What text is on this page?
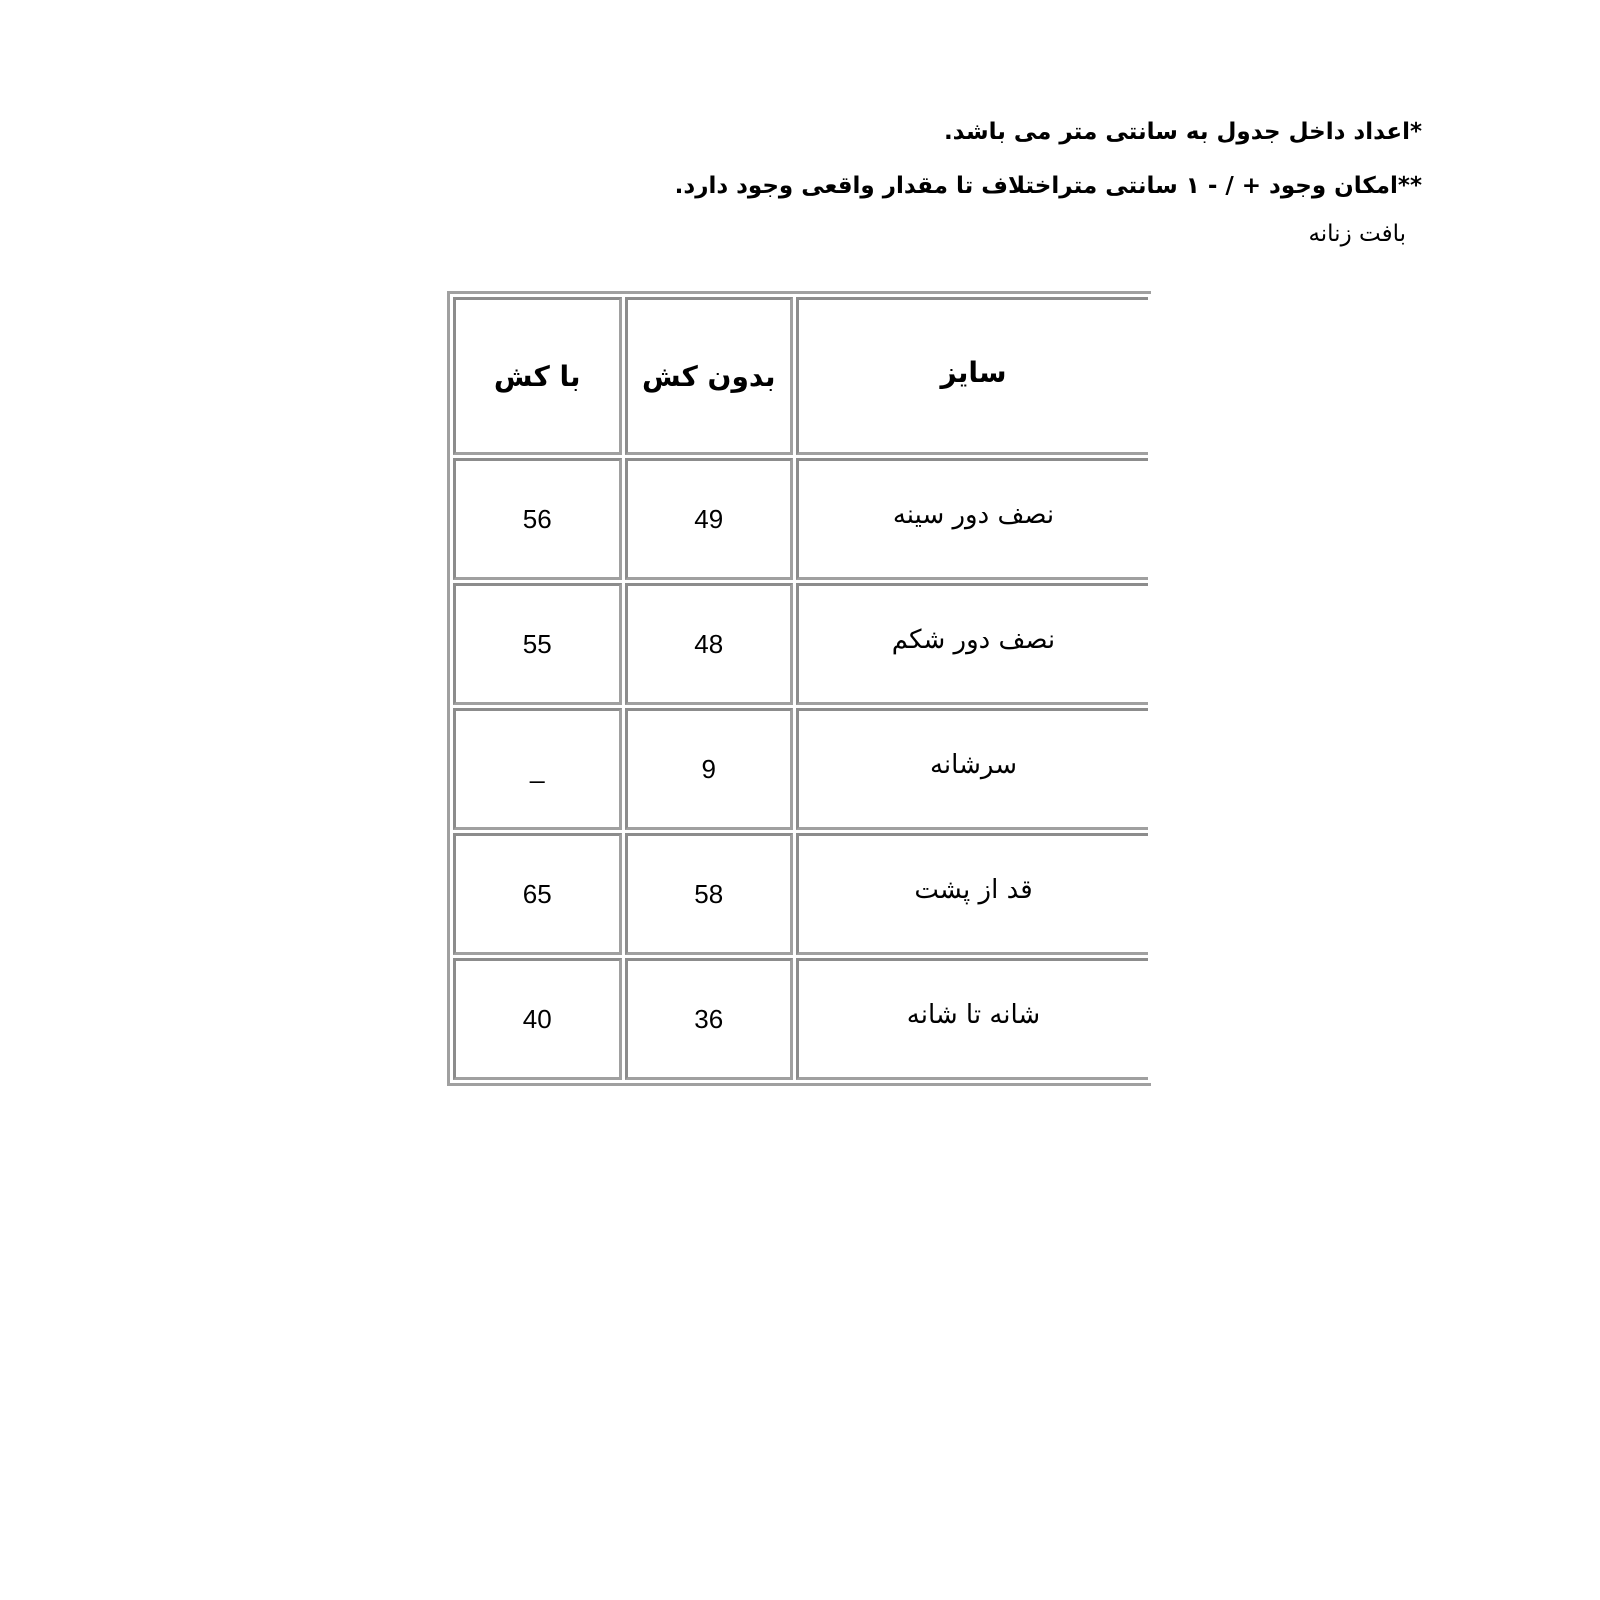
*اعداد داخل جدول به سانتی متر می باشد.

**امکان وجود + / - ۱ سانتی متراختلاف تا مقدار واقعی وجود دارد.

بافت زنانه

سایز	بدون کش	با کش
نصف دور سینه	49	56
نصف دور شکم	48	55
سرشانه	9	_
قد از پشت	58	65
شانه تا شانه	36	40
